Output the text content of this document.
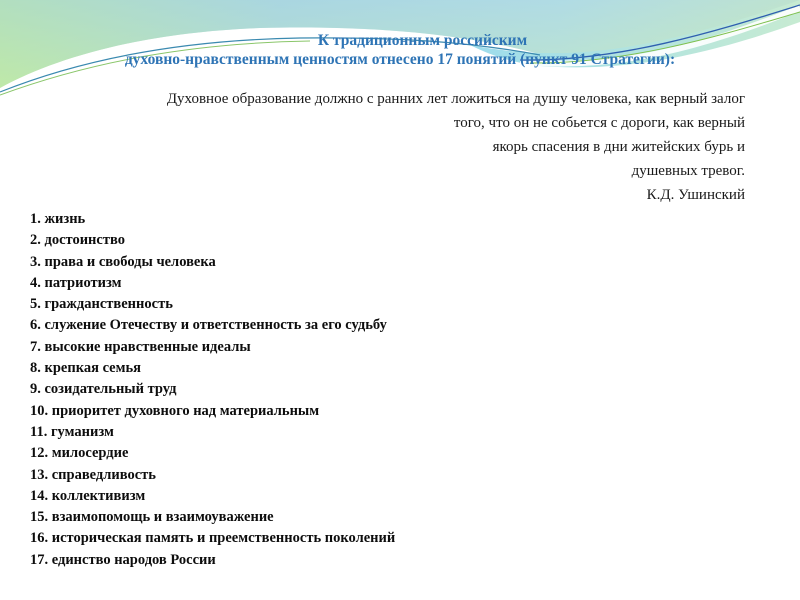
К традиционным российским
духовно-нравственным ценностям отнесено 17 понятий (пункт 91 Стратегии):
Духовное образование должно с ранних лет ложиться на душу человека, как верный залог
того, что он не собьется с дороги, как верный
якорь спасения в дни житейских бурь и
душевных тревог.
К.Д. Ушинский
1. жизнь
2. достоинство
3. права и свободы человека
4. патриотизм
5. гражданственность
6. служение Отечеству и ответственность за его судьбу
7. высокие нравственные идеалы
8. крепкая семья
9. созидательный труд
10. приоритет духовного над материальным
11. гуманизм
12. милосердие
13. справедливость
14. коллективизм
15. взаимопомощь и взаимоуважение
16. историческая память и преемственность поколений
17. единство народов России
